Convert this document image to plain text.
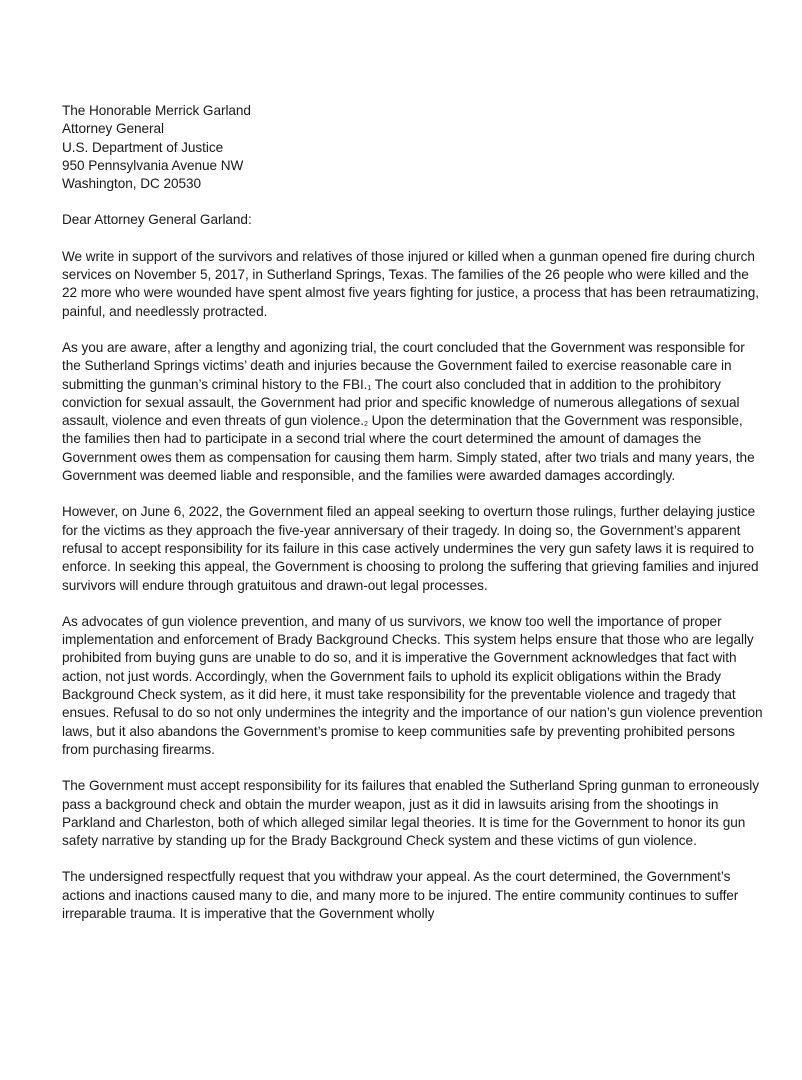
The Honorable Merrick Garland
Attorney General
U.S. Department of Justice
950 Pennsylvania Avenue NW
Washington, DC 20530
Dear Attorney General Garland:

We write in support of the survivors and relatives of those injured or killed when a gunman opened fire during church services on November 5, 2017, in Sutherland Springs, Texas. The families of the 26 people who were killed and the 22 more who were wounded have spent almost five years fighting for justice, a process that has been retraumatizing, painful, and needlessly protracted.

As you are aware, after a lengthy and agonizing trial, the court concluded that the Government was responsible for the Sutherland Springs victims’ death and injuries because the Government failed to exercise reasonable care in submitting the gunman’s criminal history to the FBI.$^1$ The court also concluded that in addition to the prohibitory conviction for sexual assault, the Government had prior and specific knowledge of numerous allegations of sexual assault, violence and even threats of gun violence.$^2$ Upon the determination that the Government was responsible, the families then had to participate in a second trial where the court determined the amount of damages the Government owes them as compensation for causing them harm. Simply stated, after two trials and many years, the Government was deemed liable and responsible, and the families were awarded damages accordingly.

However, on June 6, 2022, the Government filed an appeal seeking to overturn those rulings, further delaying justice for the victims as they approach the five-year anniversary of their tragedy. In doing so, the Government’s apparent refusal to accept responsibility for its failure in this case actively undermines the very gun safety laws it is required to enforce. In seeking this appeal, the Government is choosing to prolong the suffering that grieving families and injured survivors will endure through gratuitous and drawn-out legal processes.

As advocates of gun violence prevention, and many of us survivors, we know too well the importance of proper implementation and enforcement of Brady Background Checks. This system helps ensure that those who are legally prohibited from buying guns are unable to do so, and it is imperative the Government acknowledges that fact with action, not just words. Accordingly, when the Government fails to uphold its explicit obligations within the Brady Background Check system, as it did here, it must take responsibility for the preventable violence and tragedy that ensues. Refusal to do so not only undermines the integrity and the importance of our nation’s gun violence prevention laws, but it also abandons the Government’s promise to keep communities safe by preventing prohibited persons from purchasing firearms.

The Government must accept responsibility for its failures that enabled the Sutherland Spring gunman to erroneously pass a background check and obtain the murder weapon, just as it did in lawsuits arising from the shootings in Parkland and Charleston, both of which alleged similar legal theories. It is time for the Government to honor its gun safety narrative by standing up for the Brady Background Check system and these victims of gun violence.

The undersigned respectfully request that you withdraw your appeal. As the court determined, the Government’s actions and inactions caused many to die, and many more to be injured. The entire community continues to suffer irreparable trauma. It is imperative that the Government wholly
